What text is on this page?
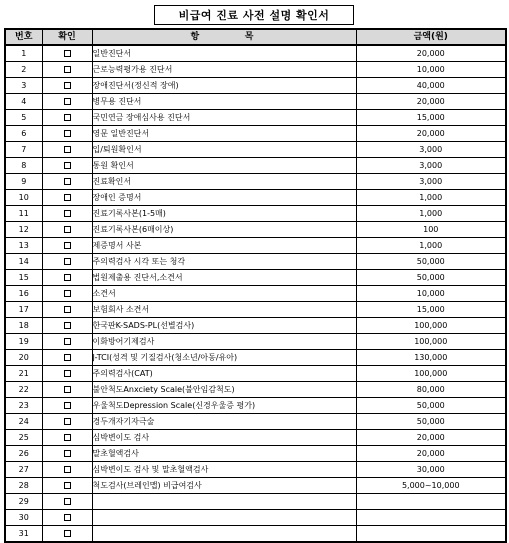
비급여 진료 사전 설명 확인서
번호	확인	항 목	금액(원)
1		일반진단서	20,000
2		근로능력평가용 진단서	10,000
3		장애진단서(정신적 장애)	40,000
4		병무용 진단서	20,000
5		국민연금 장애심사용 진단서	15,000
6		영문 일반진단서	20,000
7		입/퇴원확인서	3,000
8		통원 확인서	3,000
9		진료확인서	3,000
10		장애인 증명서	1,000
11		진료기록사본(1-5매)	1,000
12		진료기록사본(6매이상)	100
13		제증명서 사본	1,000
14		주의력검사 시각 또는 청각	50,000
15		법원제출용 진단서,소견서	50,000
16		소견서	10,000
17		보험회사 소견서	15,000
18		한국판K-SADS-PL(선별검사)	100,000
19		이화방어기제검사	100,000
20		J-TCI(성격 및 기질검사(청소년/아동/유아)	130,000
21		주의력검사(CAT)	100,000
22		불안척도Anxciety Scale(불안임감척도)	80,000
23		우울척도Depression Scale(신경우울증 평가)	50,000
24		경두개자기자극술	50,000
25		심박변이도 검사	20,000
26		말초혈액검사	20,000
27		심박변이도 검사 및 말초혈액검사	30,000
28		척도검사(브레인맵) 비급여검사	5,000~10,000
29			
30			
31			
